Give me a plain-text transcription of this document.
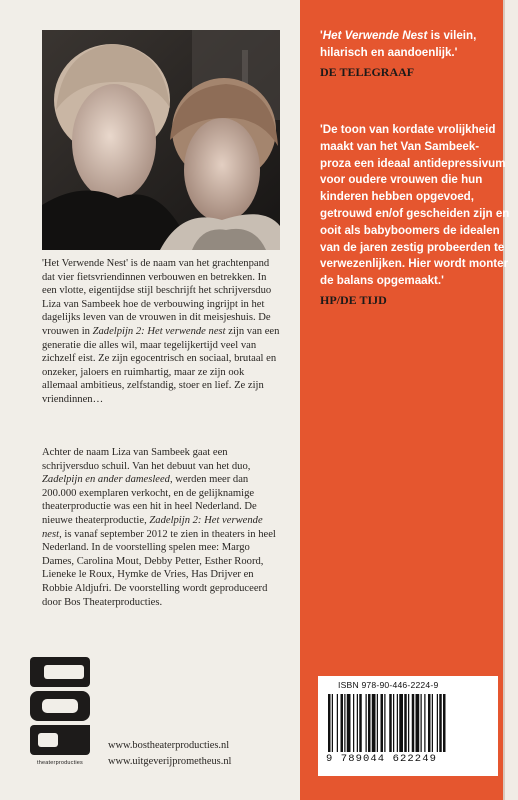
'Het Verwende Nest' is de naam van het grachtenpand dat vier fietsvriendinnen verbouwen en betrekken. In een vlotte, eigentijdse stijl beschrijft het schrijversduo Liza van Sambeek hoe de verbouwing ingrijpt in het dagelijks leven van de vrouwen in dit meisjeshuis. De vrouwen in Zadelpijn 2: Het verwende nest zijn van een generatie die alles wil, maar tegelijkertijd veel van zichzelf eist. Ze zijn egocentrisch en sociaal, brutaal en onzeker, jaloers en ruimhartig, maar ze zijn ook allemaal ambitieus, zelfstandig, stoer en lief. Ze zijn vriendinnen…
Achter de naam Liza van Sambeek gaat een schrijversduo schuil. Van het debuut van het duo, Zadelpijn en ander damesleed, werden meer dan 200.000 exemplaren verkocht, en de gelijknamige theaterproductie was een hit in heel Nederland. De nieuwe theaterproductie, Zadelpijn 2: Het verwende nest, is vanaf september 2012 te zien in theaters in heel Nederland. In de voorstelling spelen mee: Margo Dames, Carolina Mout, Debby Petter, Esther Roord, Lieneke le Roux, Hymke de Vries, Has Drijver en Robbie Aldjufri. De voorstelling wordt geproduceerd door Bos Theaterproducties.
theaterproducties
www.bostheaterproducties.nl
www.uitgeverijprometheus.nl
'Het Verwende Nest is vilein, hilarisch en aandoenlijk.'
DE TELEGRAAF
'De toon van kordate vrolijkheid maakt van het Van Sambeek-proza een ideaal antidepressivum voor oudere vrouwen die hun kinderen hebben opgevoed, getrouwd en/of gescheiden zijn en ooit als babyboomers de idealen van de jaren zestig probeerden te verwezenlijken. Hier wordt monter de balans opgemaakt.'
HP/DE TIJD
ISBN 978-90-446-2224-9
9 789044 622249
